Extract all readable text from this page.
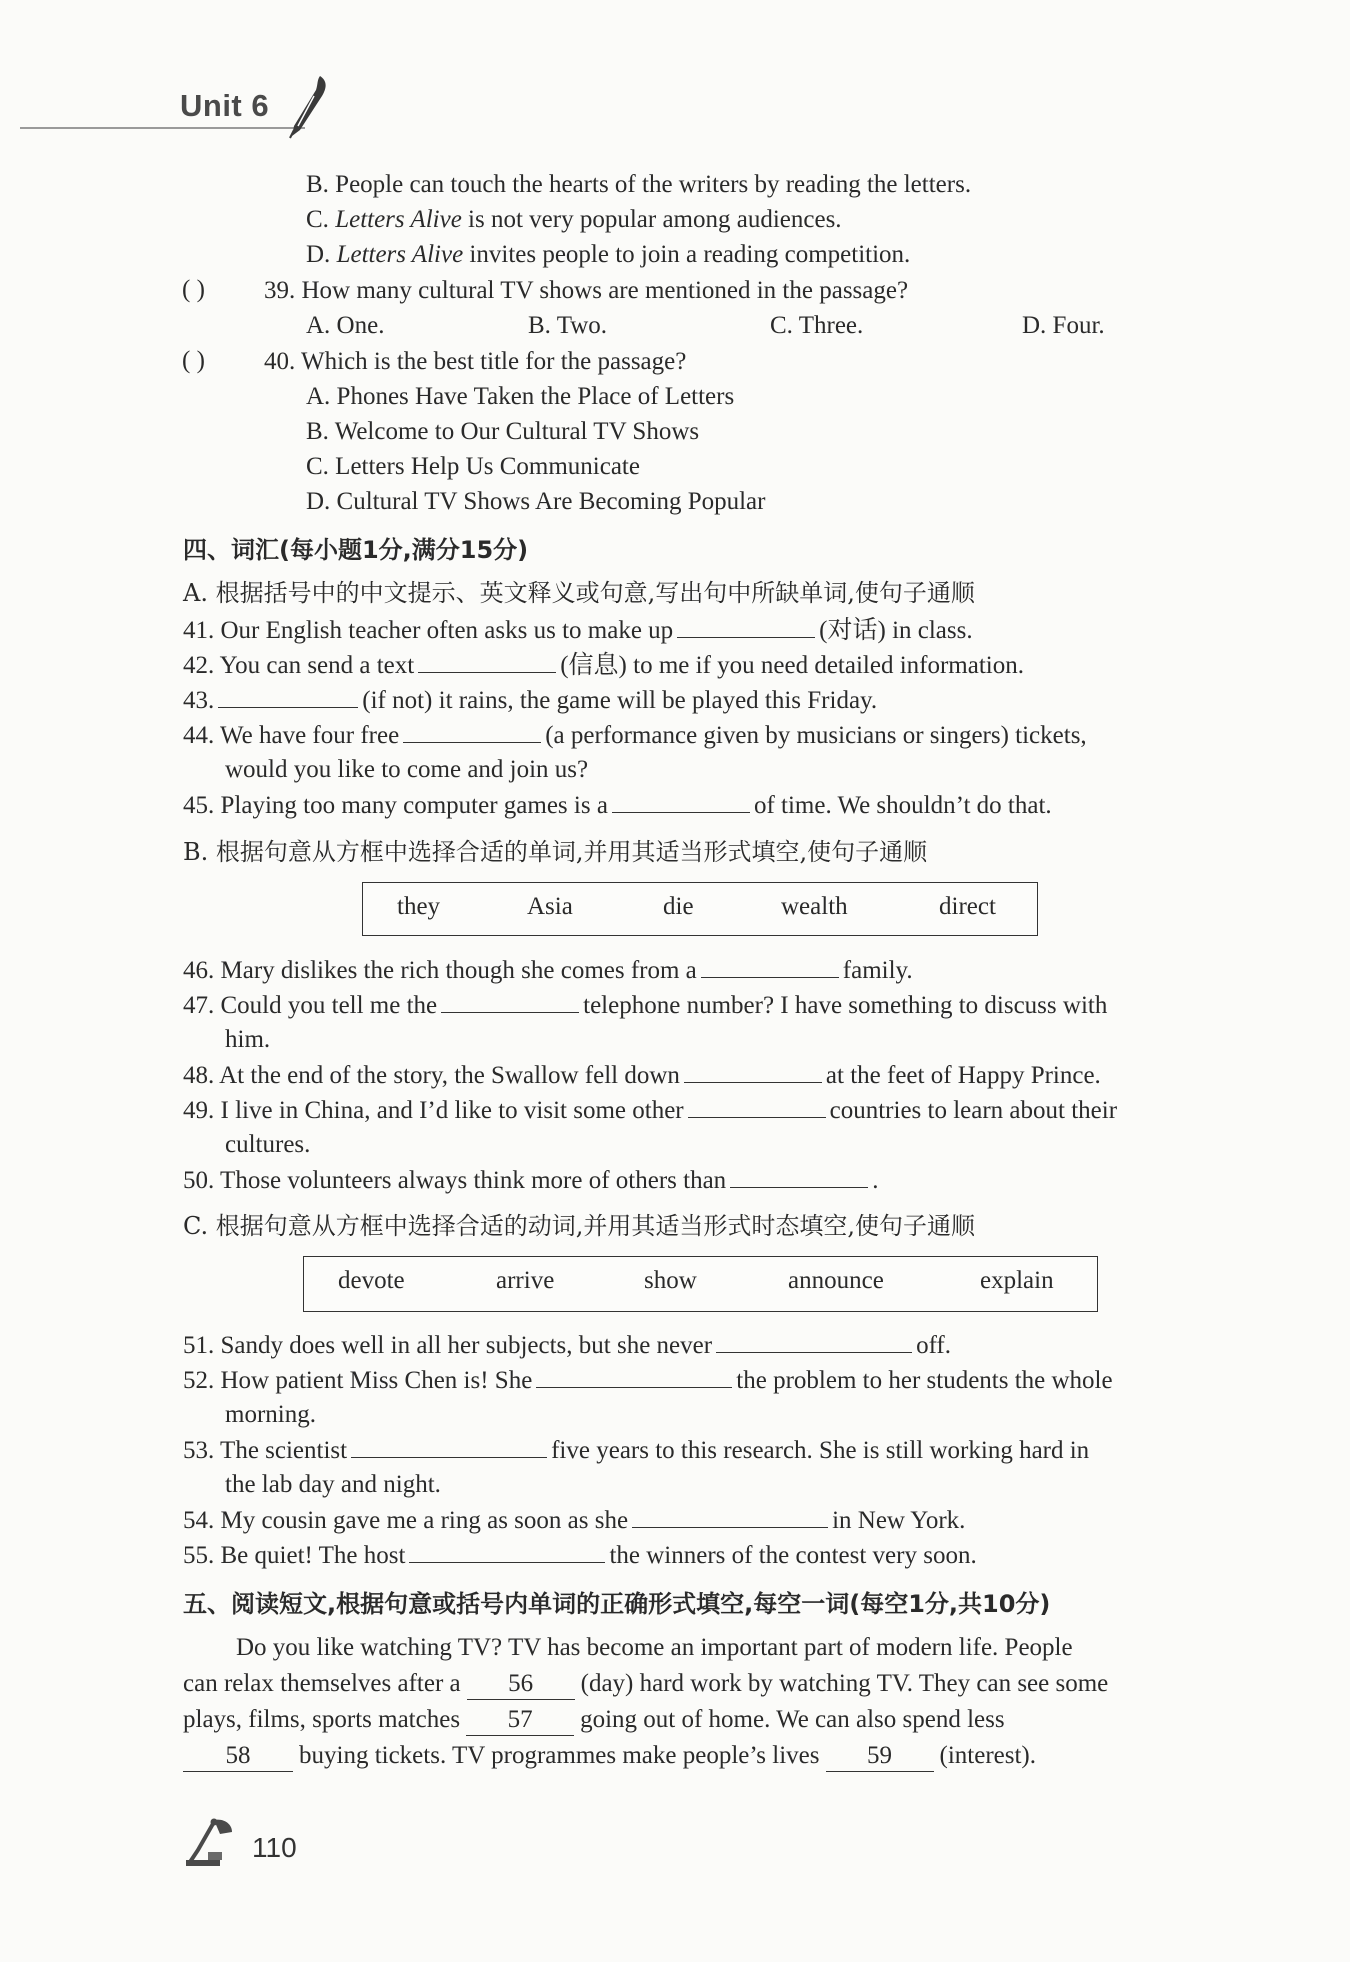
Unit 6
B. People can touch the hearts of the writers by reading the letters.
C. Letters Alive is not very popular among audiences.
D. Letters Alive invites people to join a reading competition.
( ) 39. How many cultural TV shows are mentioned in the passage?
A. One.	B. Two.	C. Three.	D. Four.
( ) 40. Which is the best title for the passage?
A. Phones Have Taken the Place of Letters
B. Welcome to Our Cultural TV Shows
C. Letters Help Us Communicate
D. Cultural TV Shows Are Becoming Popular
四、词汇(每小题1分,满分15分)
A. 根据括号中的中文提示、英文释义或句意,写出句中所缺单词,使句子通顺
41. Our English teacher often asks us to make up	(对话) in class.
42. You can send a text	(信息) to me if you need detailed information.
43.	(if not) it rains, the game will be played this Friday.
44. We have four free	(a performance given by musicians or singers) tickets,
would you like to come and join us?
45. Playing too many computer games is a	of time. We shouldn’t do that.
B. 根据句意从方框中选择合适的单词,并用其适当形式填空,使句子通顺
they	Asia	die	wealth	direct
46. Mary dislikes the rich though she comes from a	family.
47. Could you tell me the	telephone number? I have something to discuss with
him.
48. At the end of the story, the Swallow fell down	at the feet of Happy Prince.
49. I live in China, and I’d like to visit some other	countries to learn about their
cultures.
50. Those volunteers always think more of others than	.
C. 根据句意从方框中选择合适的动词,并用其适当形式时态填空,使句子通顺
devote	arrive	show	announce	explain
51. Sandy does well in all her subjects, but she never	off.
52. How patient Miss Chen is! She	the problem to her students the whole
morning.
53. The scientist	five years to this research. She is still working hard in
the lab day and night.
54. My cousin gave me a ring as soon as she	in New York.
55. Be quiet! The host	the winners of the contest very soon.
五、阅读短文,根据句意或括号内单词的正确形式填空,每空一词(每空1分,共10分)
Do you like watching TV? TV has become an important part of modern life. People
can relax themselves after a 56 (day) hard work by watching TV. They can see some
plays, films, sports matches 57 going out of home. We can also spend less
58 buying tickets. TV programmes make people’s lives 59 (interest).
110
